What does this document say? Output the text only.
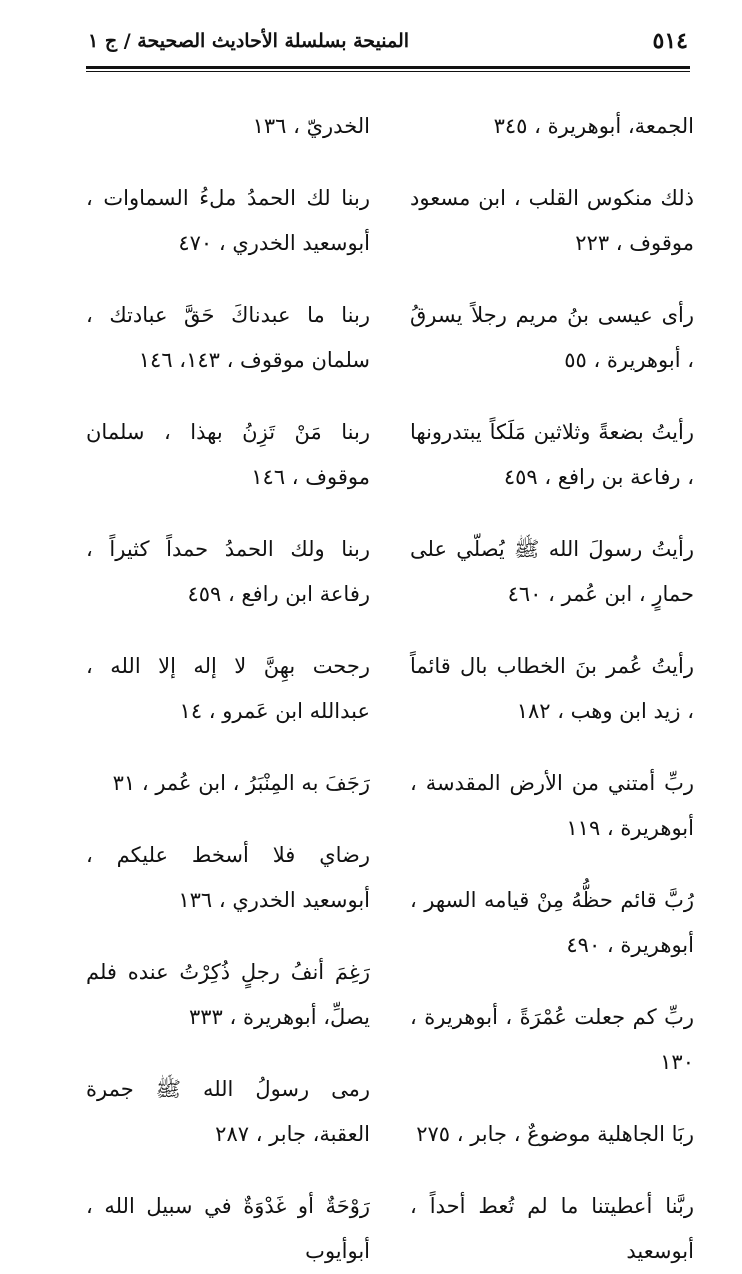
٥١٤
المنيحة بسلسلة الأحاديث الصحيحة / ج ١

الجمعة، أبوهريرة ، ٣٤٥

ذلك منكوس القلب ، ابن مسعود موقوف ، ٢٢٣

رأى عيسى بنُ مريم رجلاً يسرقُ ، أبوهريرة ، ٥٥

رأيتُ بضعةً وثلاثين مَلَكاً يبتدرونها ، رفاعة بن رافع ، ٤٥٩

رأيتُ رسولَ الله ﷺ يُصلّي على حمارٍ ، ابن عُمر ، ٤٦٠

رأيتُ عُمر بنَ الخطاب بال قائماً ، زيد ابن وهب ، ١٨٢

ربِّ أمتني من الأرض المقدسة ، أبوهريرة ، ١١٩

رُبَّ قائم حظُّهُ مِنْ قيامه السهر ، أبوهريرة ، ٤٩٠

ربِّ كم جعلت عُمْرَةً ، أبوهريرة ، ١٣٠

ربَا الجاهلية موضوعٌ ، جابر ، ٢٧٥

ربَّنا أعطيتنا ما لم تُعط أحداً ، أبوسعيد

الخدريّ ، ١٣٦

ربنا لك الحمدُ ملءُ السماوات ، أبوسعيد الخدري ، ٤٧٠

ربنا ما عبدناكَ حَقَّ عبادتك ، سلمان موقوف ، ١٤٣، ١٤٦

ربنا مَنْ تَزِنُ بهذا ، سلمان موقوف ، ١٤٦

ربنا ولك الحمدُ حمداً كثيراً ، رفاعة ابن رافع ، ٤٥٩

رجحت بهِنَّ لا إله إلا الله ، عبدالله ابن عَمرو ، ١٤

رَجَفَ به المِنْبَرُ ، ابن عُمر ، ٣١

رضاي فلا أسخط عليكم ، أبوسعيد الخدري ، ١٣٦

رَغِمَ أنفُ رجلٍ ذُكِرْتُ عنده فلم يصلِّ، أبوهريرة ، ٣٣٣

رمى رسولُ الله ﷺ جمرة العقبة، جابر ، ٢٨٧

رَوْحَةٌ أو غَدْوَةٌ في سبيل الله ، أبوأيوب
